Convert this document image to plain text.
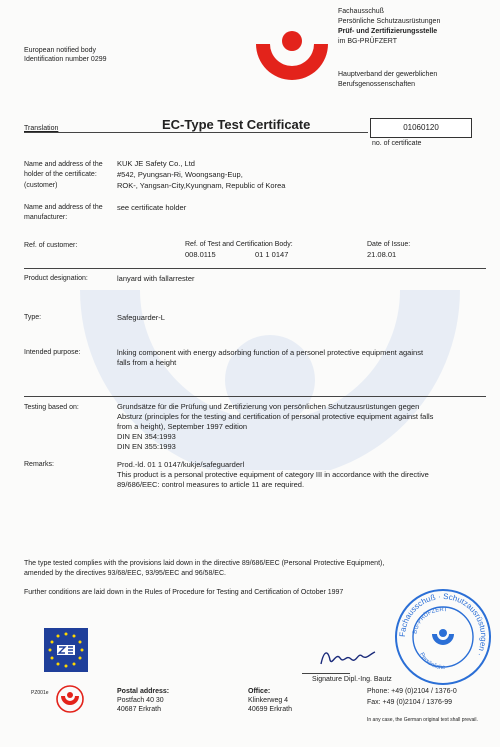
European notified body
Identification number 0299
Fachausschuß
Persönliche Schutzausrüstungen
Prüf- und Zertifizierungsstelle
im BG-PRÜFZERT
Hauptverband der gewerblichen
Berufsgenossenschaften
Translation	EC-Type Test Certificate	01060120
no. of certificate
Name and address of the
holder of the certificate:
(customer)
KUK JE Safety Co., Ltd
#542, Pyungsan-Ri, Woongsang-Eup,
ROK-, Yangsan-City,Kyungnam, Republic of Korea
Name and address of the
manufacturer:
see certificate holder
Ref. of customer:	Ref. of Test and Certification Body:
008.0115	01 1 0147
Date of Issue:
21.08.01
Product designation:	lanyard with fallarrester
Type:	Safeguarder-L
Intended purpose:	lnking component with energy adsorbing function of a personel protective equipment against
falls from a height
Testing based on:	Grundsätze für die Prüfung und Zertifizierung von persönlichen Schutzausrüstungen gegen
Absturz (principles for the testing and certification of personal protective equipment against falls
from a height), September 1997 edition
DIN EN 354:1993
DIN EN 355:1993
Remarks:	Prod.-ld. 01 1 0147/kukje/safeguarderl
This product is a personal protective equipment of category III in accordance with the directive
89/686/EEC: control measures to article 11 are required.
The type tested complies with the provisions laid down in the directive 89/686/EEC (Personal Protective Equipment),
amended by the directives 93/68/EEC, 93/95/EEC and 96/58/EC.
Further conditions are laid down in the Rules of Procedure for Testing and Certification of October 1997
Signature Dipl.-Ing. Bautz
Fachausschuß · Schutzausrüstungen ·
BG-PRÜFZERT
Persönliche
PZ001e	Postal address:
Postfach 40 30
40687 Erkrath
Office:
Klinkerweg 4
40699 Erkrath
Phone: +49 (0)2104 / 1376-0
Fax: +49 (0)2104 / 1376-99
In any case, the German original text shall prevail.
